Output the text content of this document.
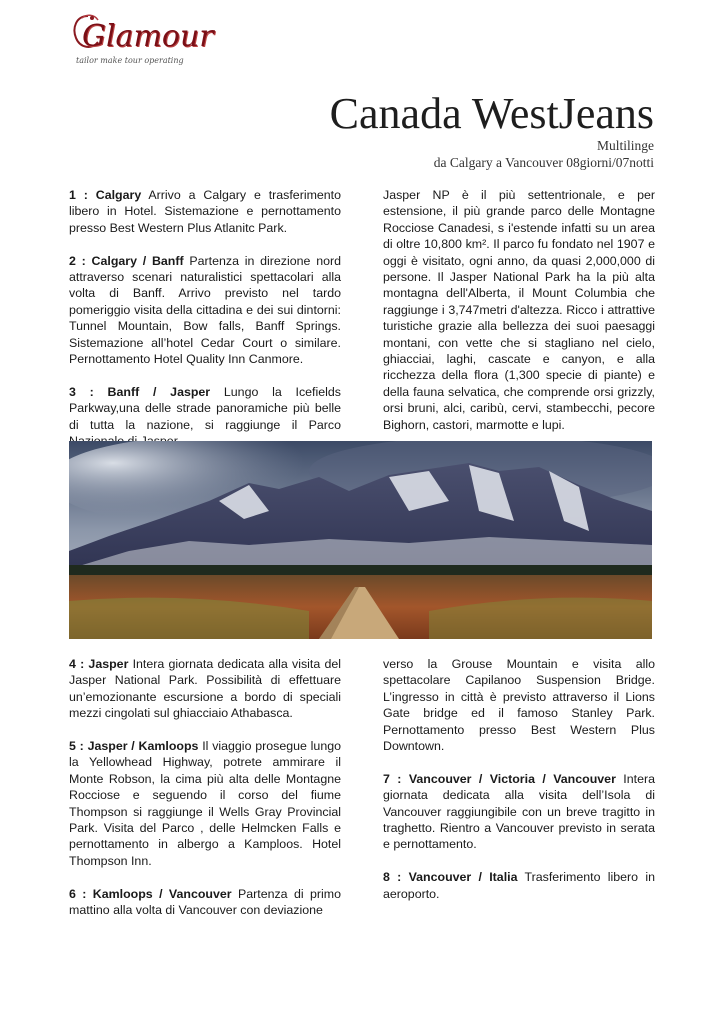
Glamour
tailor make tour operating
Canada WestJeans
Multilinge
da Calgary a Vancouver 08giorni/07notti

1 : Calgary Arrivo a Calgary e trasferimento libero in Hotel. Sistemazione e pernottamento presso Best Western Plus Atlanitc Park.

2 : Calgary / Banff Partenza in direzione nord attraverso scenari naturalistici spettacolari alla volta di Banff. Arrivo previsto nel tardo pomeriggio visita della cittadina e dei sui dintorni: Tunnel Mountain, Bow falls, Banff Springs. Sistemazione all’hotel Cedar Court o similare. Pernottamento Hotel Quality Inn Canmore.

3 : Banff / Jasper Lungo la Icefields Parkway,una delle strade panoramiche più belle di tutta la nazione, si raggiunge il Parco

Jasper NP è il più settentrionale, e per estensione, il più grande parco delle Montagne Rocciose Canadesi, s i'estende infatti su un area di oltre 10,800 km². Il parco fu fondato nel 1907 e oggi è visitato, ogni anno, da quasi 2,000,000 di persone. Il Jasper National Park ha la più alta montagna dell'Alberta, il Mount Columbia che raggiunge i 3,747metri d'altezza. Ricco i attrattive turistiche grazie alla bellezza dei suoi paesaggi montani, con vette che si stagliano nel cielo, ghiacciai, laghi, cascate e canyon, e alla ricchezza della flora (1,300 specie di piante) e della fauna selvatica, che comprende orsi grizzly, orsi bruni, alci, caribù, cervi, stambecchi, pecore Bighorn, castori, marmotte e lupi.

4 : Jasper Intera giornata dedicata alla visita del Jasper National Park. Possibilità di effettuare un’emozionante escursione a bordo di speciali mezzi cingolati sul ghiacciaio Athabasca.

5 : Jasper / Kamloops Il viaggio prosegue lungo la Yellowhead Highway, potrete ammirare il Monte Robson, la cima più alta delle Montagne Rocciose e seguendo il corso del fiume Thompson si raggiunge il Wells Gray Provincial Park. Visita del Parco , delle Helmcken Falls e pernottamento in albergo a Kamploos. Hotel Thompson Inn.

6 : Kamloops / Vancouver Partenza di primo mattino alla volta di Vancouver con deviazione

verso la Grouse Mountain e visita allo spettacolare Capilanoo Suspension Bridge. L’ingresso in città è previsto attraverso il Lions Gate bridge ed il famoso Stanley Park. Pernottamento presso Best Western Plus Downtown.

7 : Vancouver / Victoria / Vancouver Intera giornata dedicata alla visita dell’Isola di Vancouver raggiungibile con un breve tragitto in traghetto. Rientro a Vancouver previsto in serata e pernottamento.

8 : Vancouver / Italia Trasferimento libero in aeroporto.
